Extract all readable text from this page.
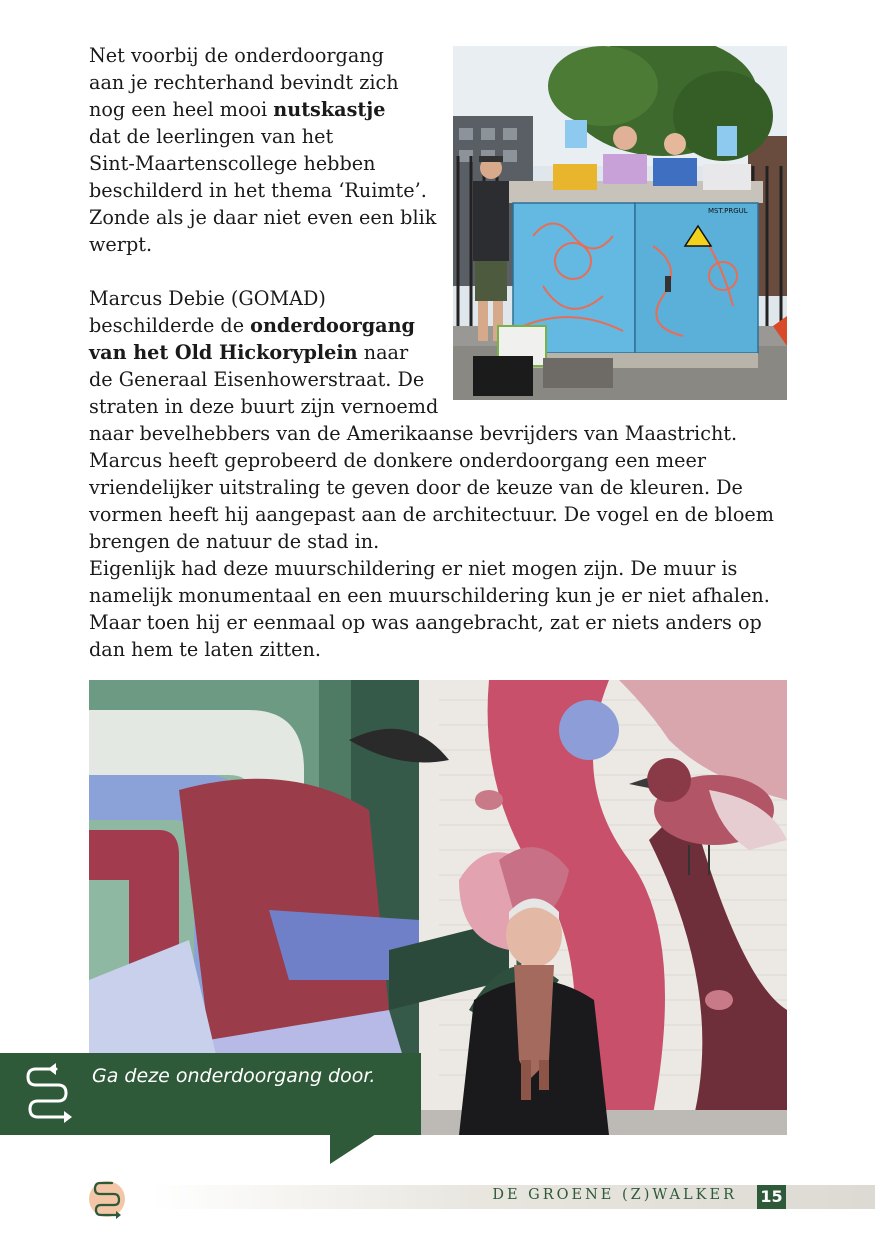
Net voorbij de onderdoorgang
aan je rechterhand bevindt zich
nog een heel mooi nutskastje
dat de leerlingen van het
Sint-Maartenscollege hebben
beschilderd in het thema ‘Ruimte’.
Zonde als je daar niet even een blik
werpt.

Marcus Debie (GOMAD)
beschilderde de onderdoorgang
van het Old Hickoryplein naar
de Generaal Eisenhowerstraat. De
straten in deze buurt zijn vernoemd
naar bevelhebbers van de Amerikaanse bevrijders van Maastricht.

Marcus heeft geprobeerd de donkere onderdoorgang een meer vriendelijker uitstraling te geven door de keuze van de kleuren. De vormen heeft hij aangepast aan de architectuur. De vogel en de bloem brengen de natuur de stad in.

Eigenlijk had deze muurschildering er niet mogen zijn. De muur is namelijk monumentaal en een muurschildering kun je er niet afhalen. Maar toen hij er eenmaal op was aangebracht, zat er niets anders op dan hem te laten zitten.

MST.PRGUL
Ga deze onderdoorgang door.
DE GROENE (Z)WALKER 15
